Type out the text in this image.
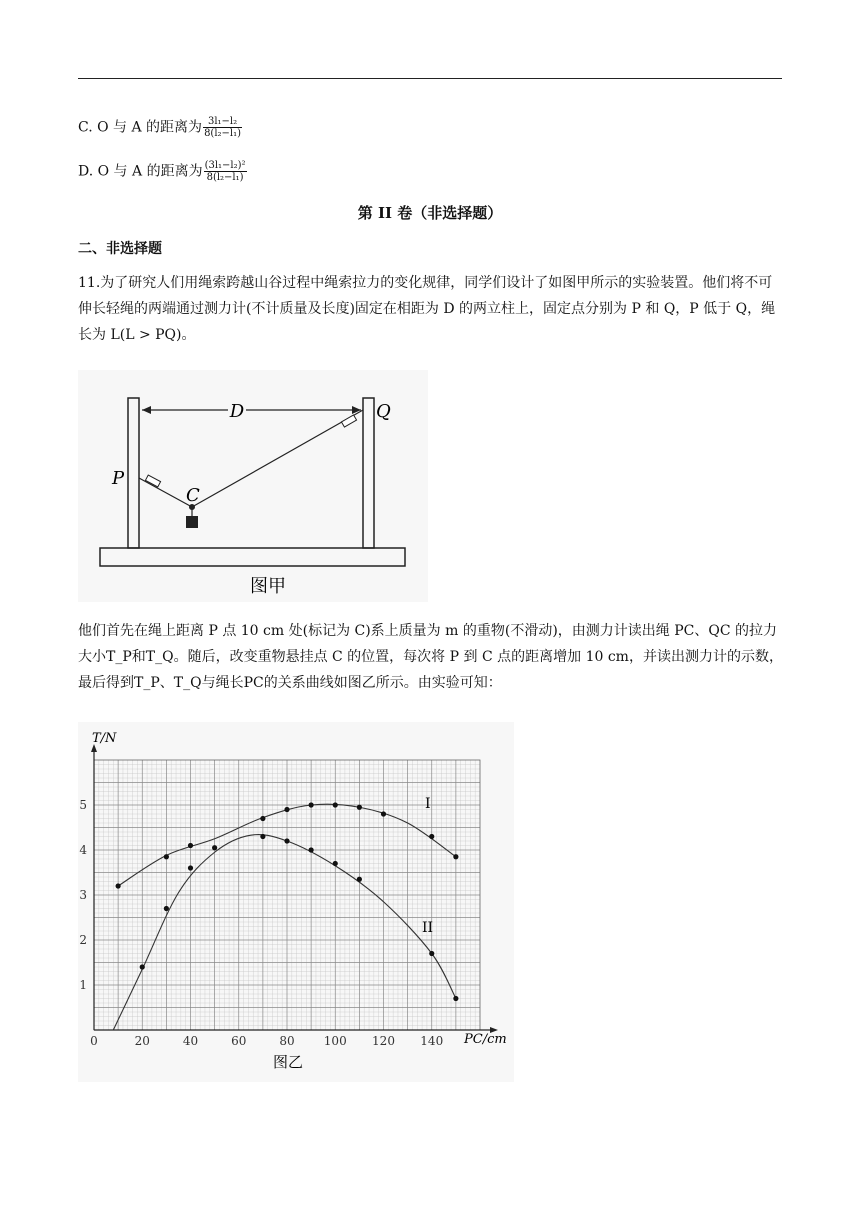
C. O 与 A 的距离为 $\frac{\text{3l₁−l₂}}{\text{8(l₂−l₁)}}$
D. O 与 A 的距离为 $\frac{\text{(3l₁−l₂)²}}{\text{8(l₂−l₁)}}$
第 II 卷（非选择题）
二、非选择题
11.为了研究人们用绳索跨越山谷过程中绳索拉力的变化规律，同学们设计了如图甲所示的实验装置。他们将不可伸长轻绳的两端通过测力计(不计质量及长度)固定在相距为 D 的两立柱上，固定点分别为 P 和 Q，P 低于 Q，绳长为 L(L > PQ)。
D
P
Q
C
图甲
他们首先在绳上距离 P 点 10 cm 处(标记为 C)系上质量为 m 的重物(不滑动)，由测力计读出绳 PC、QC 的拉力大小T_P和T_Q。随后，改变重物悬挂点 C 的位置，每次将 P 到 C 点的距离增加 10 cm，并读出测力计的示数，最后得到T_P、T_Q与绳长PC的关系曲线如图乙所示。由实验可知：
0	20	40	60	80 100 120 140
1
2
3
4
5
T/N
PC/cm
I
II
图乙
